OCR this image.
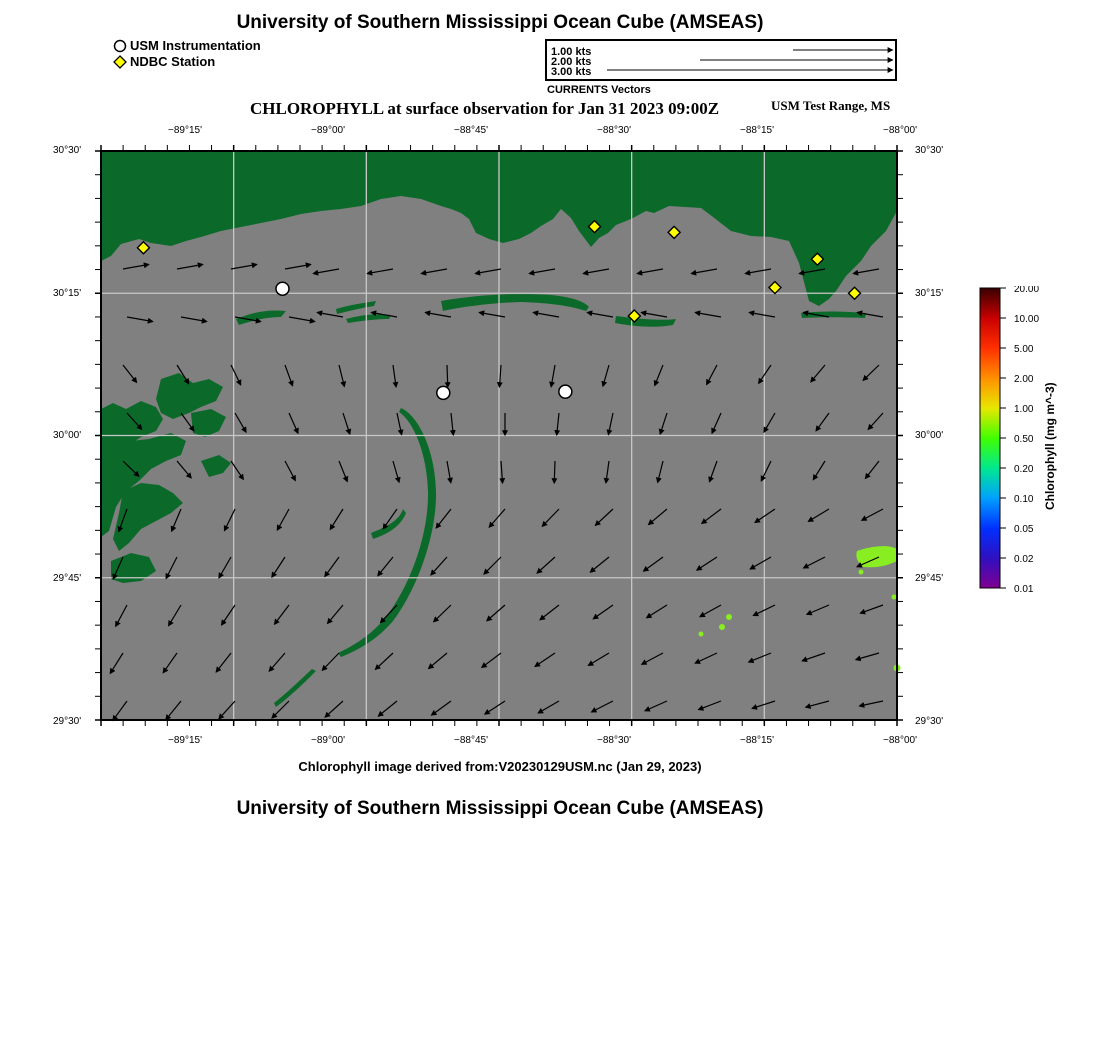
University of Southern Mississippi Ocean Cube (AMSEAS)
USM Instrumentation
NDBC Station
1.00 kts
2.00 kts
3.00 kts
CURRENTS Vectors
CHLOROPHYLL at surface observation for Jan 31 2023 09:00Z	USM Test Range, MS
−89°15'	−89°00'	−88°45'	−88°30'	−88°15'	−88°00'
−89°15'	−89°00'	−88°45'	−88°30'	−88°15'	−88°00'
30°30'
30°15'
30°00'
29°45'
29°30'
30°30'
30°15'
30°00'
29°45'
29°30'
20.00
10.00
5.00
2.00
1.00
0.50
0.20
0.10
0.05
0.02
0.01
Chlorophyll (mg m^-3)
Chlorophyll image derived from:V20230129USM.nc (Jan 29, 2023)
University of Southern Mississippi Ocean Cube (AMSEAS)
